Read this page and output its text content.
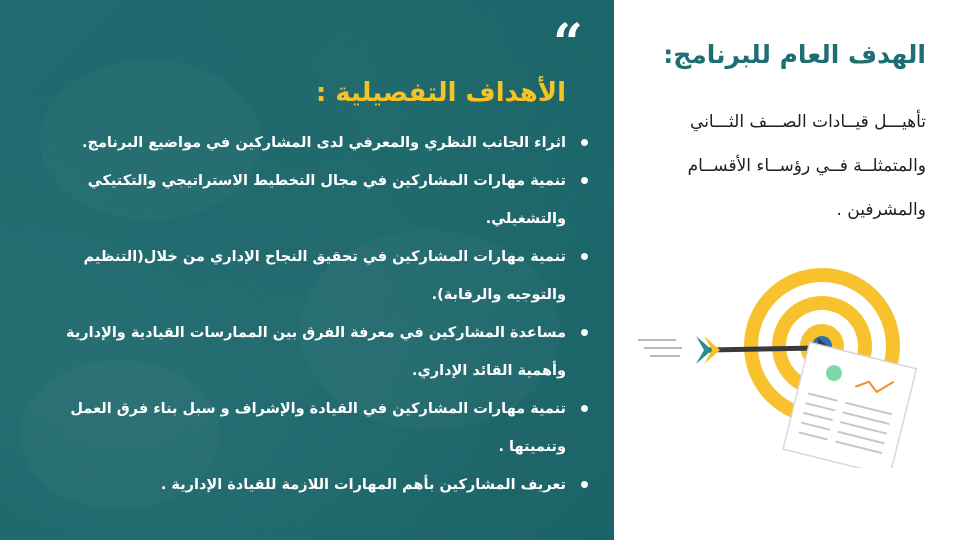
“
الأهداف التفصيلية :
اثراء الجانب النظري والمعرفي لدى المشاركين في مواضيع البرنامج.
تنمية مهارات المشاركين في مجال التخطيط الاستراتيجي والتكتيكي والتشغيلي.
تنمية مهارات المشاركين في تحقيق النجاح الإداري من خلال(التنظيم والتوجيه والرقابة).
مساعدة المشاركين في معرفة الفرق بين الممارسات القيادية والإدارية وأهمية القائد الإداري.
تنمية مهارات المشاركين في القيادة والإشراف و سبل بناء فرق العمل وتنميتها .
تعريف المشاركين بأهم المهارات اللازمة للقيادة الإدارية .
الهدف العام للبرنامج:
تأهيـــل قيــادات الصـــف الثـــاني والمتمثلــة فــي رؤســاء الأقســام والمشرفين .
